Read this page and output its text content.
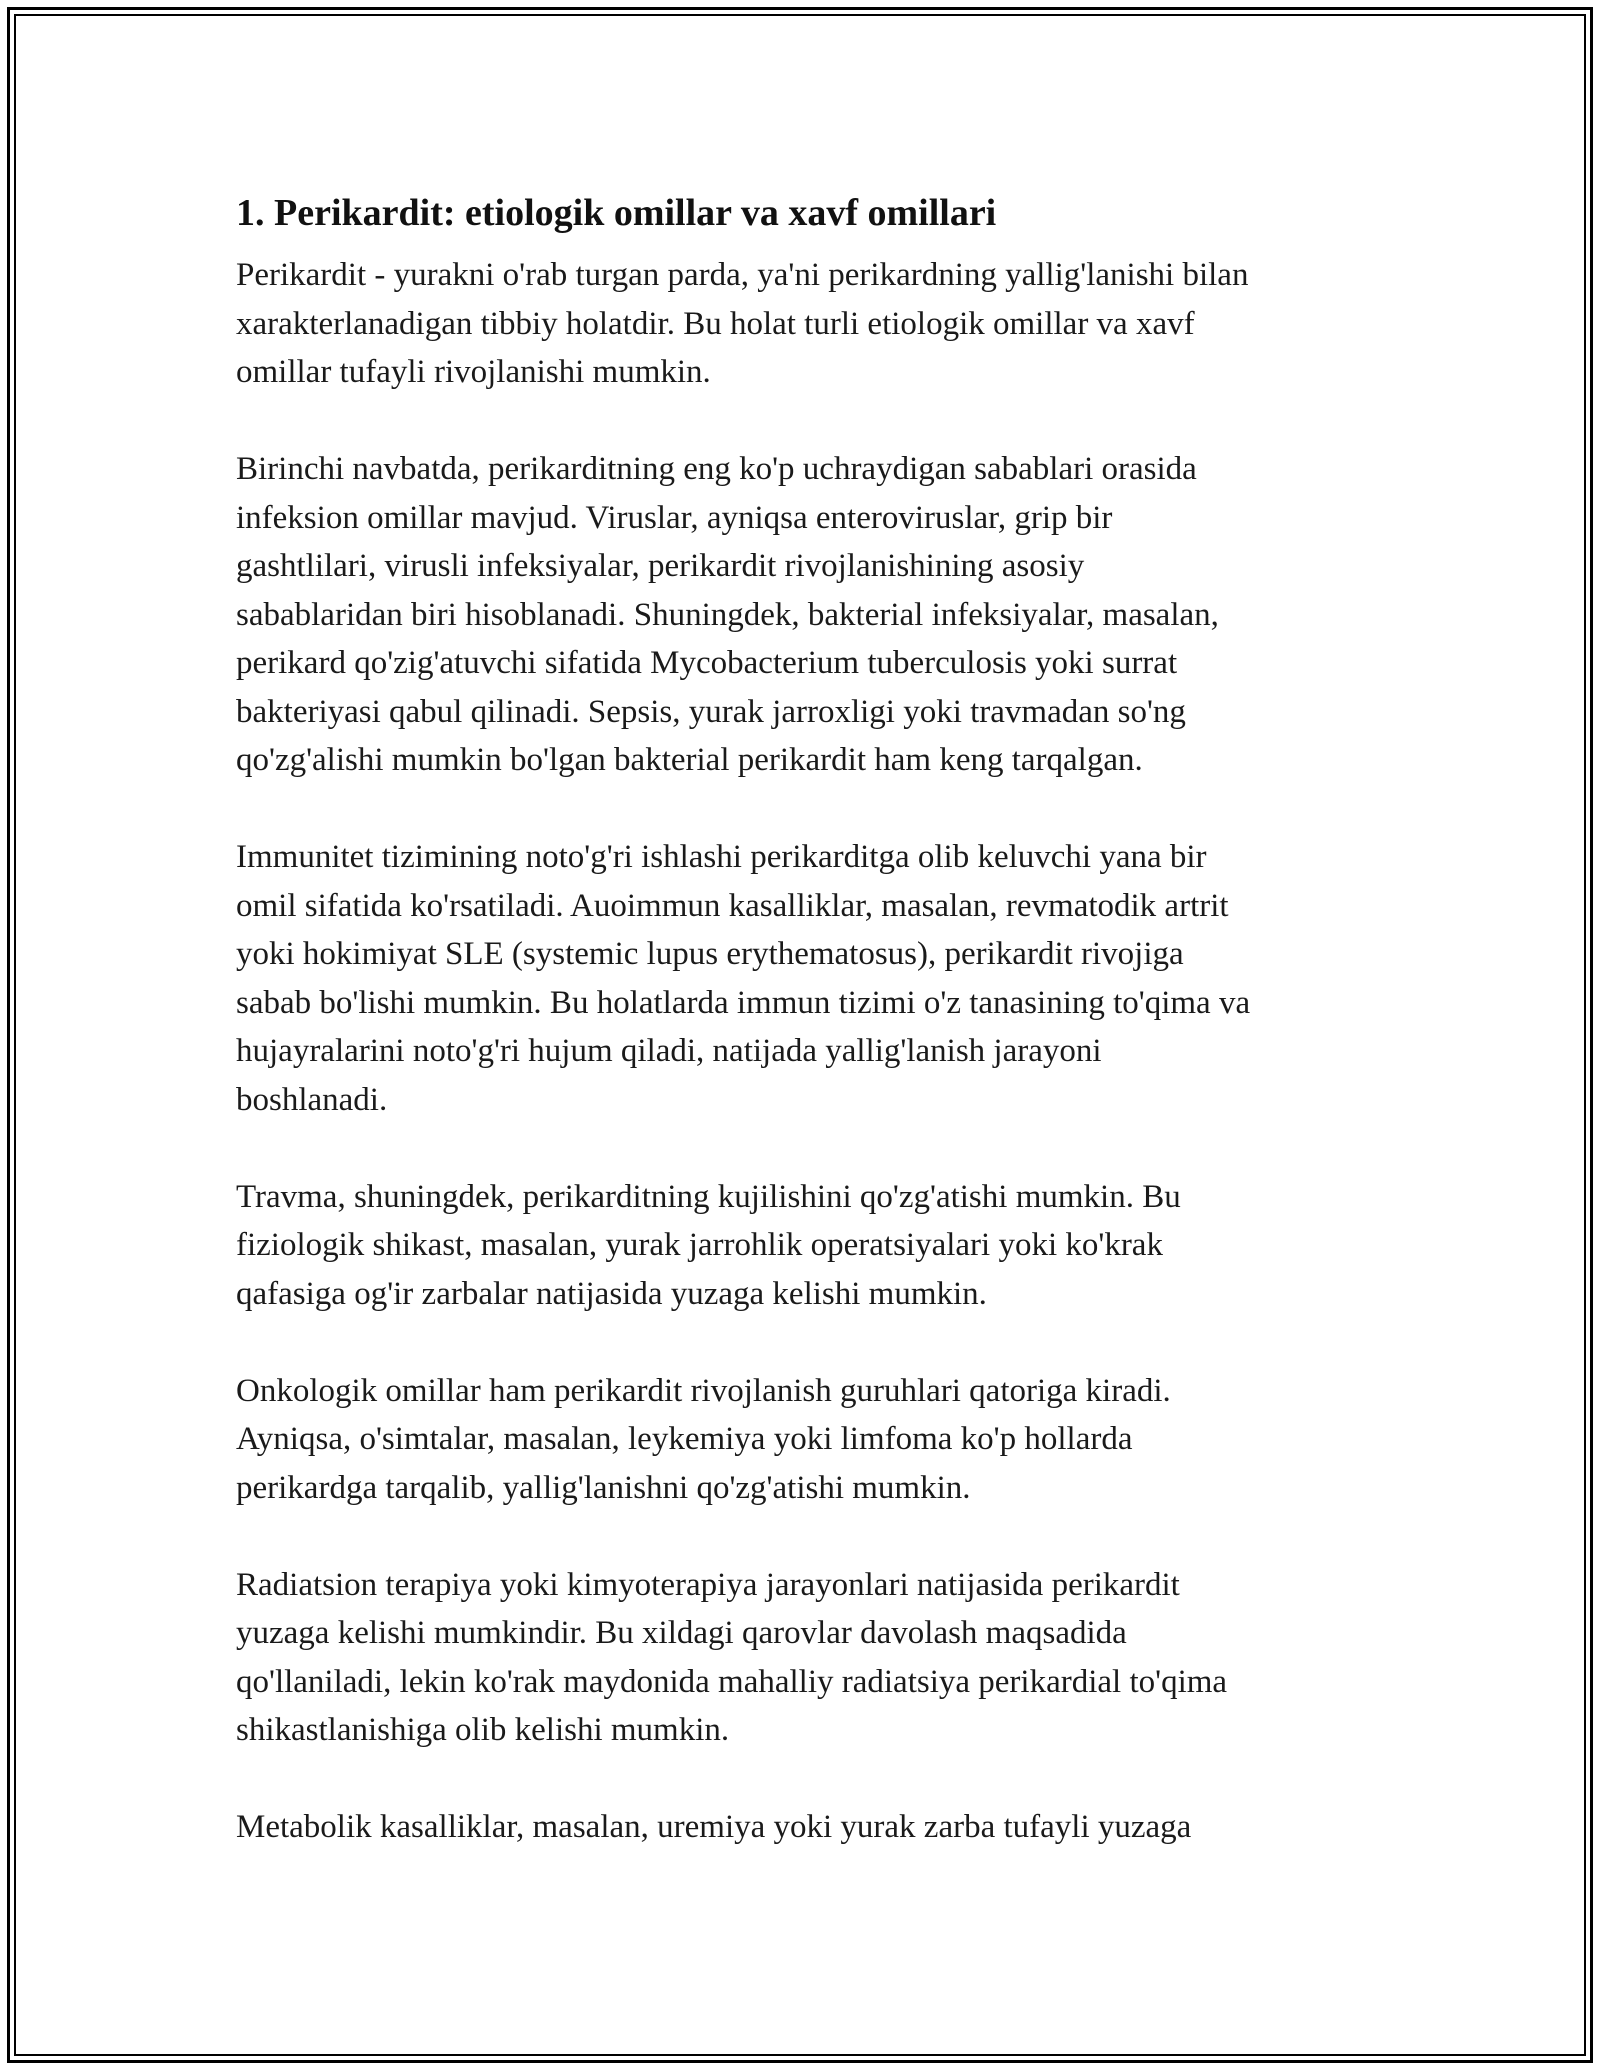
1. Perikardit: etiologik omillar va xavf omillari

Perikardit - yurakni o'rab turgan parda, ya'ni perikardning yallig'lanishi bilan
xarakterlanadigan tibbiy holatdir. Bu holat turli etiologik omillar va xavf
omillar tufayli rivojlanishi mumkin.

Birinchi navbatda, perikarditning eng ko'p uchraydigan sabablari orasida
infeksion omillar mavjud. Viruslar, ayniqsa enteroviruslar, grip bir
gashtlilari, virusli infeksiyalar, perikardit rivojlanishining asosiy
sabablaridan biri hisoblanadi. Shuningdek, bakterial infeksiyalar, masalan,
perikard qo'zig'atuvchi sifatida Mycobacterium tuberculosis yoki surrat
bakteriyasi qabul qilinadi. Sepsis, yurak jarroxligi yoki travmadan so'ng
qo'zg'alishi mumkin bo'lgan bakterial perikardit ham keng tarqalgan.

Immunitet tizimining noto'g'ri ishlashi perikarditga olib keluvchi yana bir
omil sifatida ko'rsatiladi. Auoimmun kasalliklar, masalan, revmatodik artrit
yoki hokimiyat SLE (systemic lupus erythematosus), perikardit rivojiga
sabab bo'lishi mumkin. Bu holatlarda immun tizimi o'z tanasining to'qima va
hujayralarini noto'g'ri hujum qiladi, natijada yallig'lanish jarayoni
boshlanadi.

Travma, shuningdek, perikarditning kujilishini qo'zg'atishi mumkin. Bu
fiziologik shikast, masalan, yurak jarrohlik operatsiyalari yoki ko'krak
qafasiga og'ir zarbalar natijasida yuzaga kelishi mumkin.

Onkologik omillar ham perikardit rivojlanish guruhlari qatoriga kiradi.
Ayniqsa, o'simtalar, masalan, leykemiya yoki limfoma ko'p hollarda
perikardga tarqalib, yallig'lanishni qo'zg'atishi mumkin.

Radiatsion terapiya yoki kimyoterapiya jarayonlari natijasida perikardit
yuzaga kelishi mumkindir. Bu xildagi qarovlar davolash maqsadida
qo'llaniladi, lekin ko'rak maydonida mahalliy radiatsiya perikardial to'qima
shikastlanishiga olib kelishi mumkin.

Metabolik kasalliklar, masalan, uremiya yoki yurak zarba tufayli yuzaga
